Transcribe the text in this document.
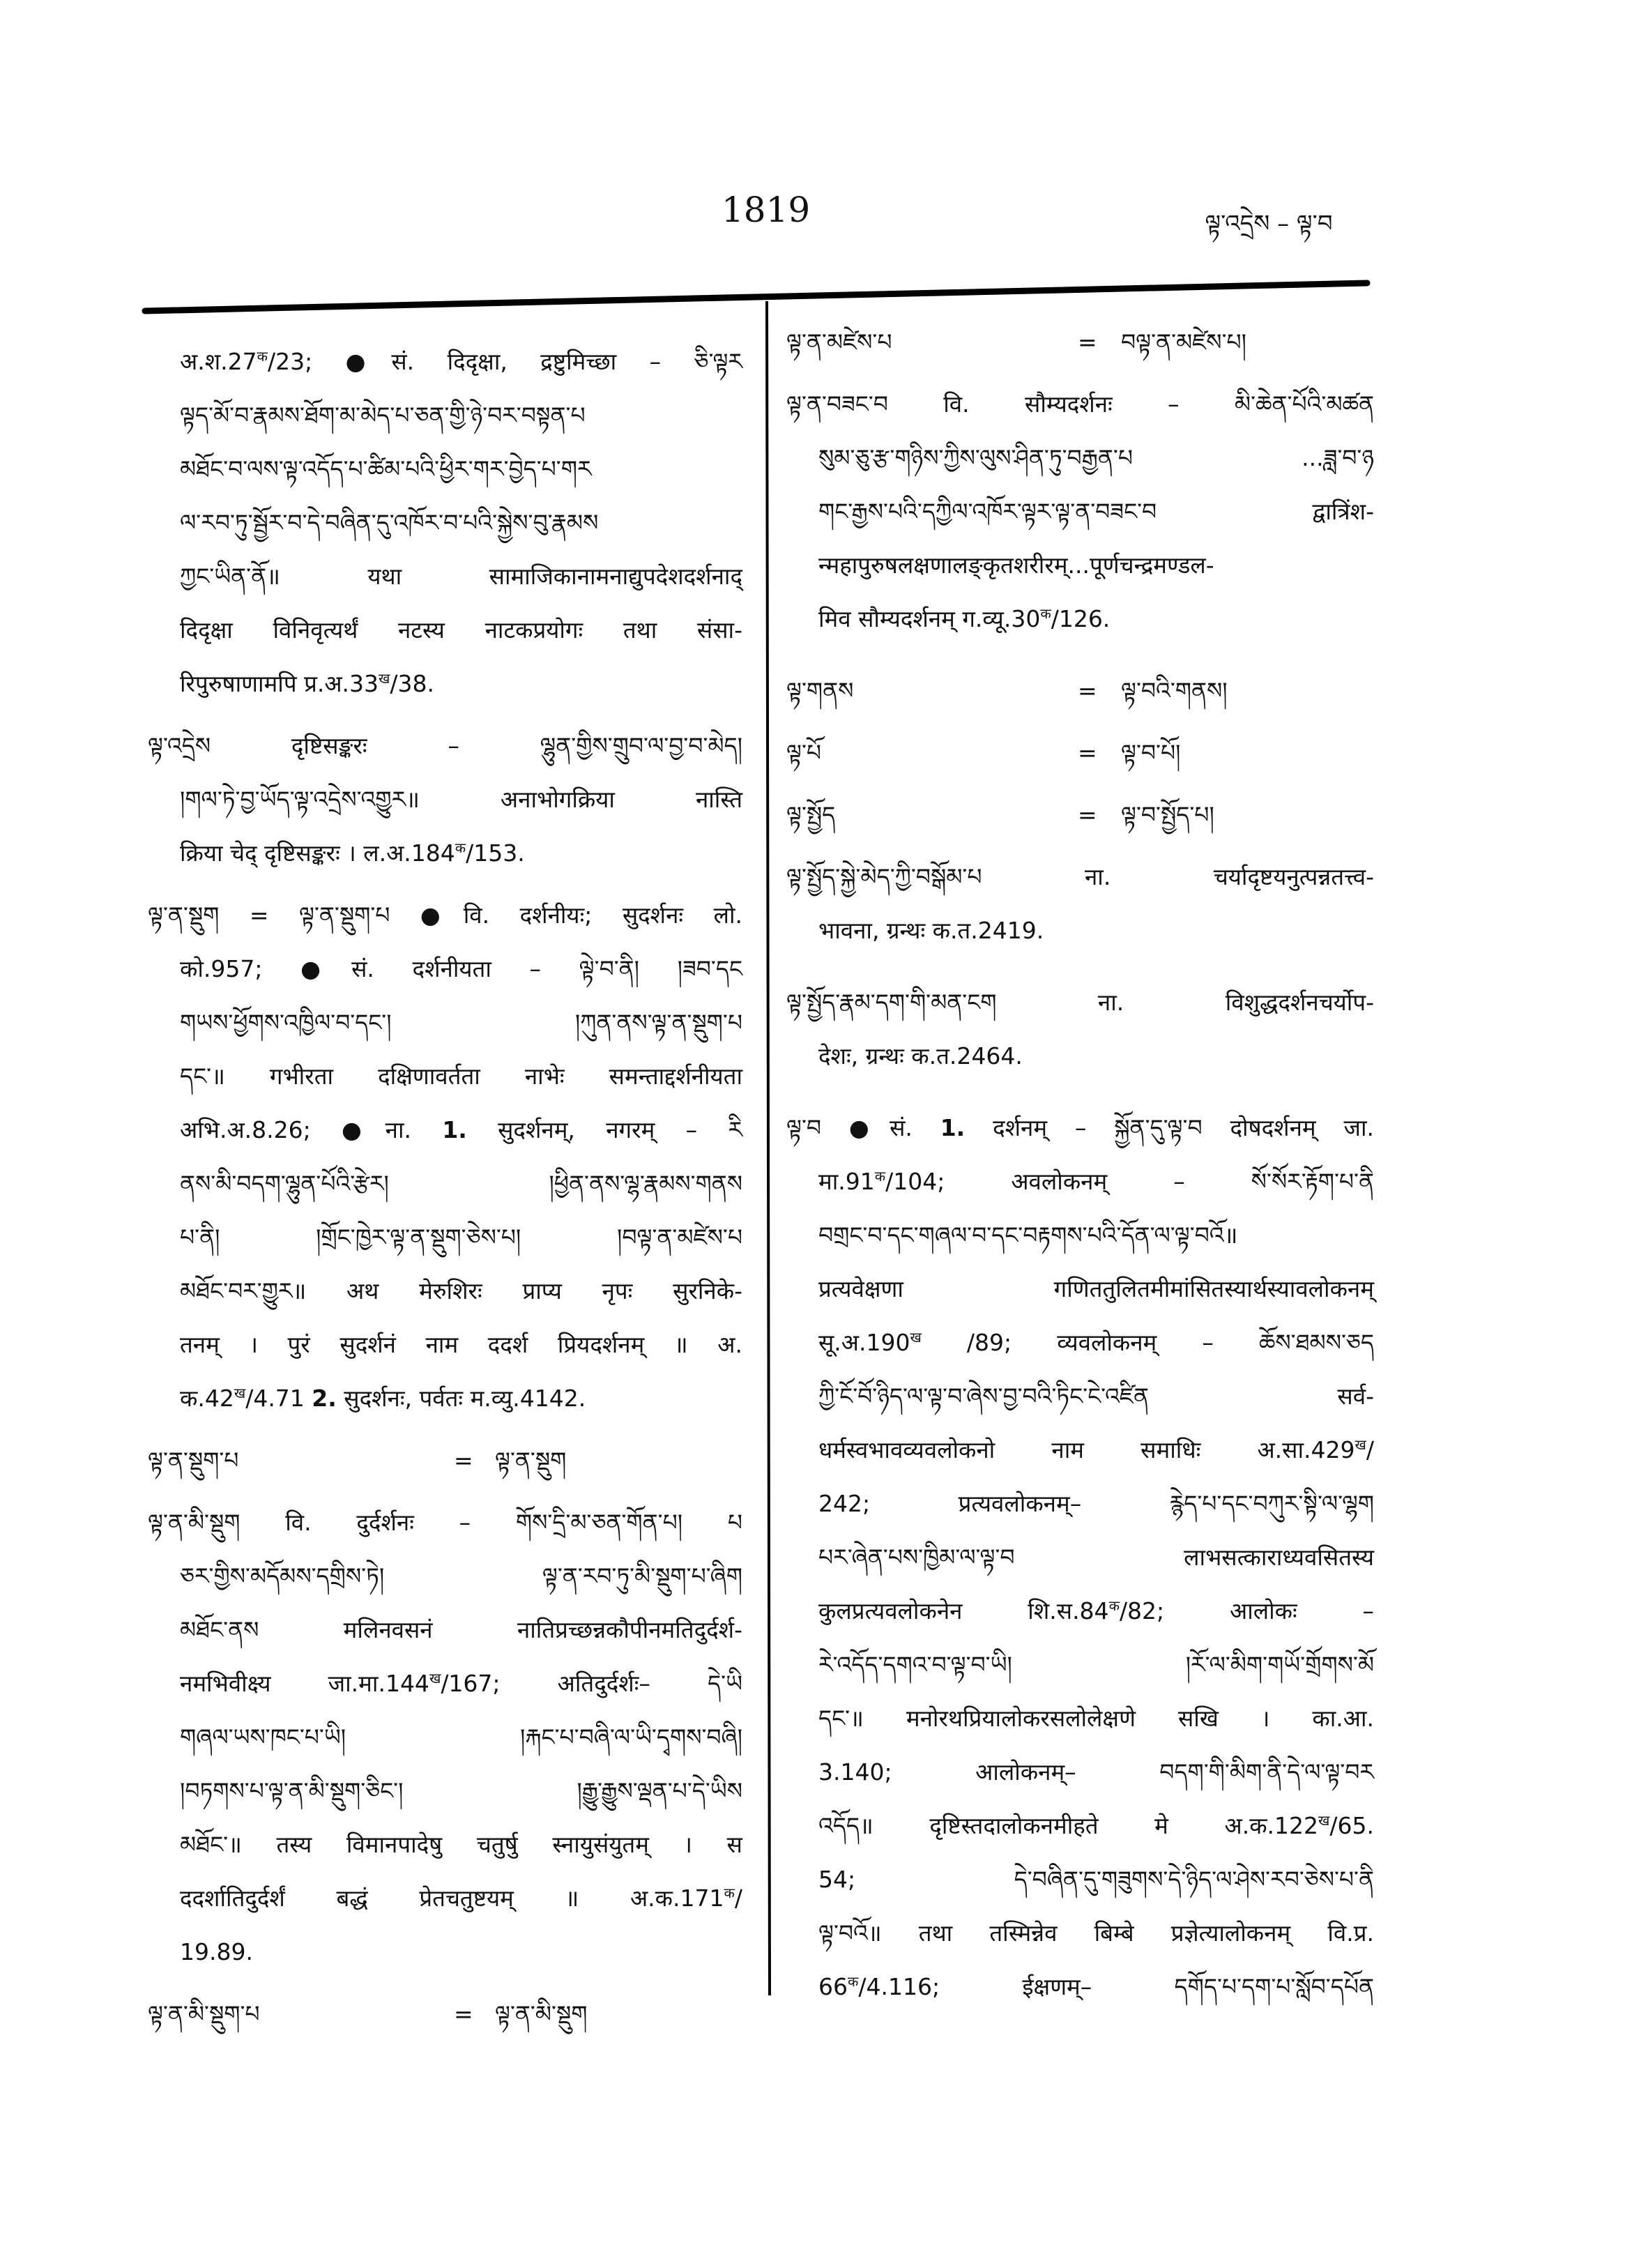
1819	ལྟ་འདྲེས – ལྟ་བ
$अ.श.27^क/23$; ●सं. दिदृक्षा, द्रष्टुमिच्छा – ཅི་ལྟར
ལྟད་མོ་བ་རྣམས་ཐོག་མ་མེད་པ་ཅན་གྱི་ཉེ་བར་བསྟན་པ
མཐོང་བ་ལས་ལྟ་འདོད་པ་ཚིམ་པའི་ཕྱིར་གར་བྱེད་པ་གར
ལ་རབ་ཏུ་སྦྱོར་བ་དེ་བཞིན་དུ་འཁོར་བ་པའི་སྐྱེས་བུ་རྣམས
ཀྱང་ཡིན་ནོ॥ यथा सामाजिकानामनाद्युपदेशदर्शनाद्
दिदृक्षा विनिवृत्यर्थं नटस्य नाटकप्रयोगः तथा संसा-
रिपुरुषाणामपि $प्र.अ.33^ख/38$.
ལྟ་འདྲེས दृष्टिसङ्करः – ལྷུན་གྱིས་གྲུབ་ལ་བྱ་བ་མེད།
།གལ་ཏེ་བྱ་ཡོད་ལྟ་འདྲེས་འགྱུར॥ अनाभोगक्रिया नास्ति
क्रिया चेद् दृष्टिसङ्करः । $ल.अ.184^क/153$.
ལྟ་ན་སྡུག = ལྟ་ན་སྡུག་པ ●वि. दर्शनीयः; सुदर्शनः लो.
को.957; ●सं. दर्शनीयता – ལྟེ་བ་ནི། །ཟབ་དང
གཡས་ཕྱོགས་འཁྱིལ་བ་དང་། །ཀུན་ནས་ལྟ་ན་སྡུག་པ
དང་॥ गभीरता दक्षिणावर्तता नाभेः समन्ताद्दर्शनीयता
अभि.अ.8.26; ●ना. 1. सुदर्शनम्, नगरम् – རི
ནས་མི་བདག་ལྷུན་པོའི་རྩེར། །ཕྱིན་ནས་ལྷ་རྣམས་གནས
པ་ནི། །གྲོང་ཁྱེར་ལྟ་ན་སྡུག་ཅེས་པ། །བལྟ་ན་མཛེས་པ
མཐོང་བར་གྱུར॥ अथ मेरुशिरः प्राप्य नृपः सुरनिके-
तनम् । पुरं सुदर्शनं नाम ददर्श प्रियदर्शनम् ॥ अ.
$क.42^ख/4.71$ 2. सुदर्शनः, पर्वतः म.व्यु.4142.
ལྟ་ན་སྡུག་པ	= ལྟ་ན་སྡུག
ལྟ་ན་མི་སྡུག वि. दुर्दर्शनः – གོས་དྲི་མ་ཅན་གོན་པ། པ
ཅར་གྱིས་མདོམས་དགྲིས་ཏེ། ལྟ་ན་རབ་ཏུ་མི་སྡུག་པ་ཞིག
མཐོང་ནས मलिनवसनं नातिप्रच्छन्नकौपीनमतिदुर्दर्श-
नमभिवीक्ष्य $जा.मा.144^ख/167$; अतिदुर्दर्शः– དེ་ཡི
གཞལ་ཡས་ཁང་པ་ཡི། །རྐང་པ་བཞི་ལ་ཡི་དྭགས་བཞི།
།བཏགས་པ་ལྟ་ན་མི་སྡུག་ཅིང་། །རྒྱུ་རྒྱུས་ལྡན་པ་དེ་ཡིས
མཐོང་॥ तस्य विमानपादेषु चतुर्षु स्नायुसंयुतम् । स
ददर्शातिदुर्दर्शं बद्धं प्रेतचतुष्टयम् ॥ $अ.क.171^क/$
19.89.
ལྟ་ན་མི་སྡུག་པ	= ལྟ་ན་མི་སྡུག
ལྟ་ན་མཛེས་པ	= བལྟ་ན་མཛེས་པ།
ལྟ་ན་བཟང་བ वि. सौम्यदर्शनः – མི་ཆེན་པོའི་མཚན
སུམ་ཅུ་རྩ་གཉིས་ཀྱིས་ལུས་ཤིན་ཏུ་བརྒྱན་པ ...ཟླ་བ་ཉ
གང་རྒྱས་པའི་དཀྱིལ་འཁོར་ལྟར་ལྟ་ན་བཟང་བ द्वात्रिंश-
न्महापुरुषलक्षणालङ्कृतशरीरम्...पूर्णचन्द्रमण्डल-
मिव सौम्यदर्शनम् $ग.व्यू.30^क/126$.
ལྟ་གནས	= ལྟ་བའི་གནས།
ལྟ་པོ	= ལྟ་བ་པོ།
ལྟ་སྤྱོད	= ལྟ་བ་སྤྱོད་པ།
ལྟ་སྤྱོད་སྐྱེ་མེད་ཀྱི་བསྒོམ་པ ना. चर्यादृष्टयनुत्पन्नतत्त्व-
भावना, ग्रन्थः क.त.2419.
ལྟ་སྤྱོད་རྣམ་དག་གི་མན་ངག ना. विशुद्धदर्शनचर्योप-
देशः, ग्रन्थः क.त.2464.
ལྟ་བ ●सं. 1. दर्शनम् – སྐྱོན་དུ་ལྟ་བ दोषदर्शनम् जा.
$मा.91^क/104$; अवलोकनम् – སོ་སོར་རྟོག་པ་ནི
བགྲང་བ་དང་གཞལ་བ་དང་བརྟགས་པའི་དོན་ལ་ལྟ་བའོ॥
प्रत्यवेक्षणा गणिततुलितमीमांसितस्यार्थस्यावलोकनम्
$सू.अ.190^ख$ /89; व्यवलोकनम् – ཆོས་ཐམས་ཅད
ཀྱི་ངོ་བོ་ཉིད་ལ་ལྟ་བ་ཞེས་བྱ་བའི་ཏིང་ངེ་འཛིན सर्व-
धर्मस्वभावव्यवलोकनो नाम समाधिः $अ.सा.429^ख/$
242; प्रत्यवलोकनम्– རྙེད་པ་དང་བཀུར་སྟི་ལ་ལྷག
པར་ཞེན་པས་ཁྱིམ་ལ་ལྟ་བ लाभसत्काराध्यवसितस्य
कुलप्रत्यवलोकनेन $शि.स.84^क/82$; आलोकः –
རེ་འདོད་དགའ་བ་ལྟ་བ་ཡི། །རོ་ལ་མིག་གཡོ་གྲོགས་མོ
དང་॥ मनोरथप्रियालोकरसलोलेक्षणे सखि । का.आ.
3.140; आलोकनम्– བདག་གི་མིག་ནི་དེ་ལ་ལྟ་བར
འདོད॥ दृष्टिस्तदालोकनमीहते मे $अ.क.122^ख/65$.
54; དེ་བཞིན་དུ་གཟུགས་དེ་ཉིད་ལ་ཤེས་རབ་ཅེས་པ་ནི
ལྟ་བའོ॥ तथा तस्मिन्नेव बिम्बे प्रज्ञेत्यालोकनम् वि.प्र.
$66^क/4.116$; ईक्षणम्– དགོད་པ་དག་པ་སློབ་དཔོན
